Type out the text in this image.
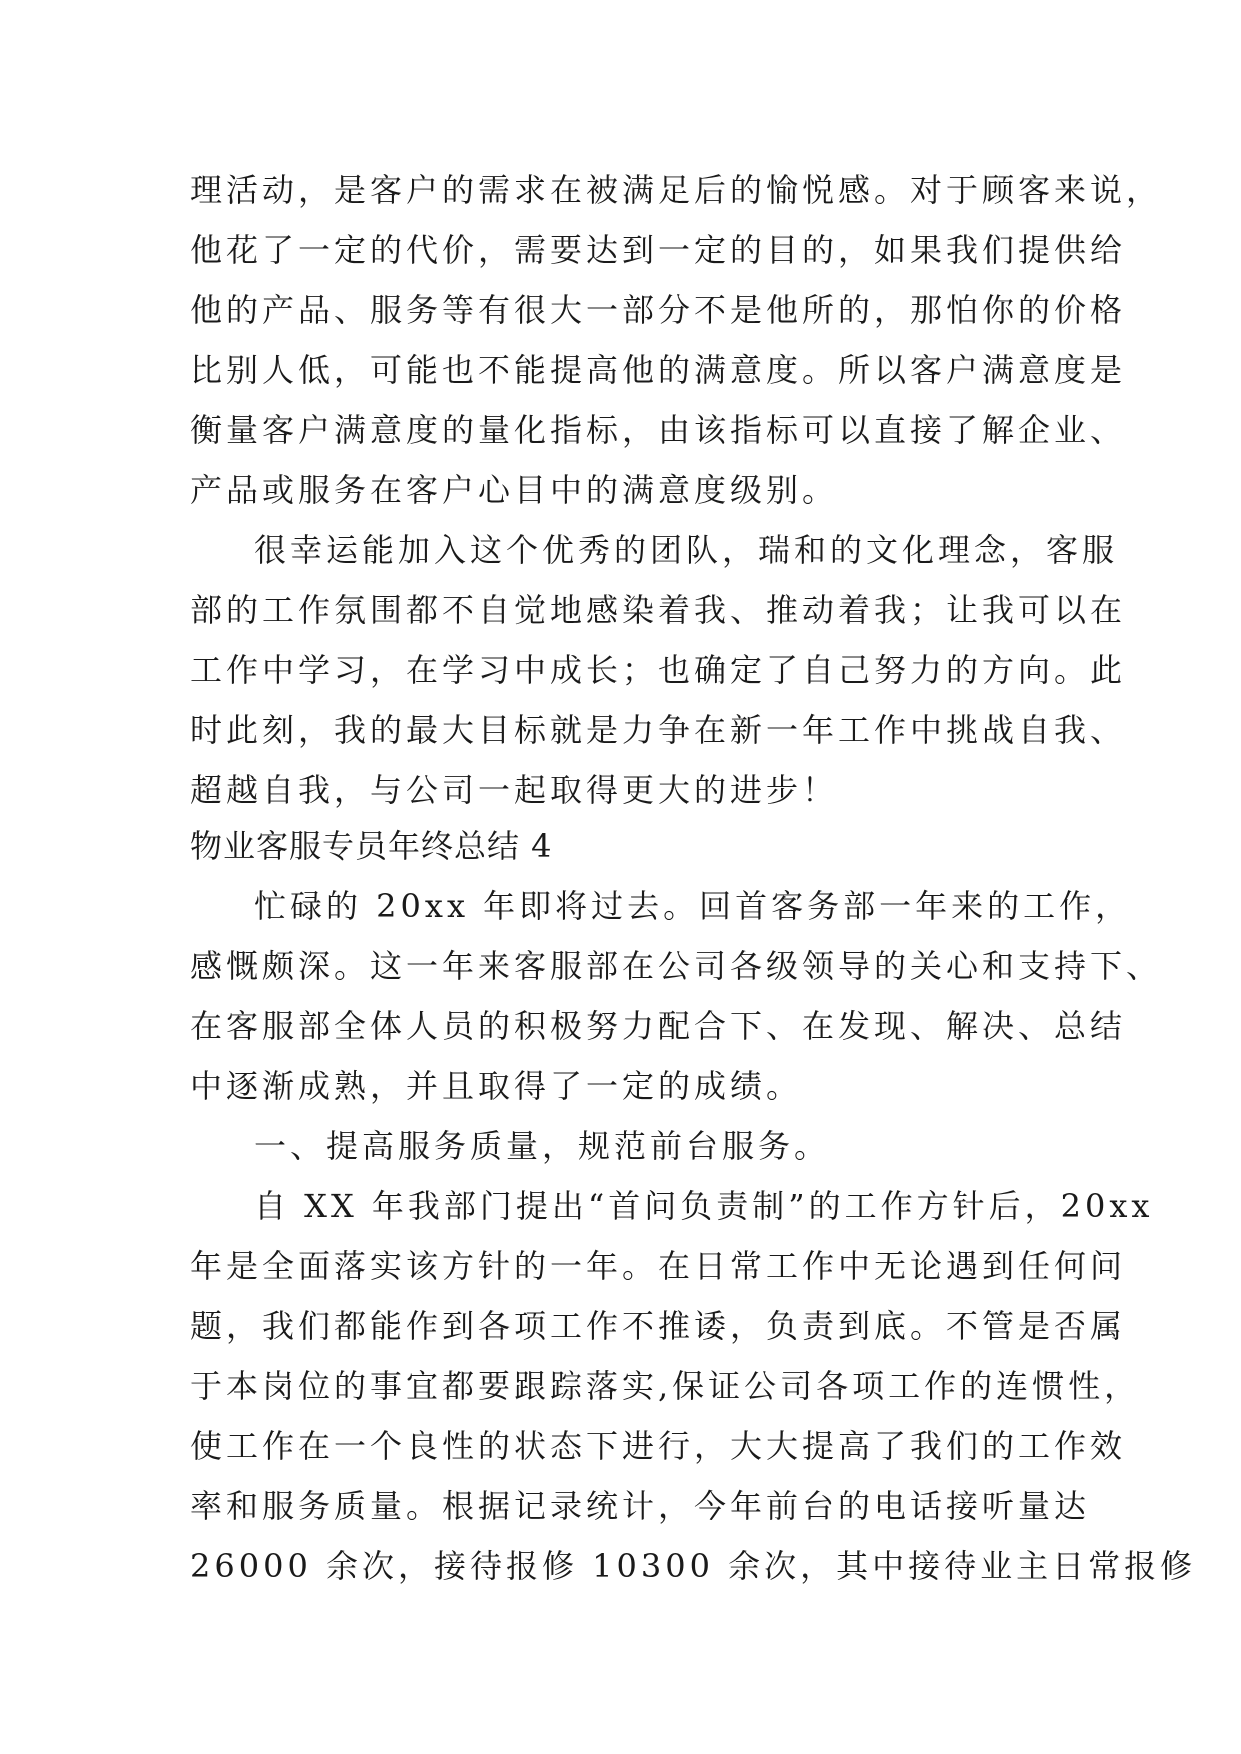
理活动，是客户的需求在被满足后的愉悦感。对于顾客来说，
他花了一定的代价，需要达到一定的目的，如果我们提供给
他的产品、服务等有很大一部分不是他所的，那怕你的价格
比别人低，可能也不能提高他的满意度。所以客户满意度是
衡量客户满意度的量化指标，由该指标可以直接了解企业、
产品或服务在客户心目中的满意度级别。
很幸运能加入这个优秀的团队，瑞和的文化理念，客服
部的工作氛围都不自觉地感染着我、推动着我；让我可以在
工作中学习，在学习中成长；也确定了自己努力的方向。此
时此刻，我的最大目标就是力争在新一年工作中挑战自我、
超越自我，与公司一起取得更大的进步！
物业客服专员年终总结 4
忙碌的 20xx 年即将过去。回首客务部一年来的工作，
感慨颇深。这一年来客服部在公司各级领导的关心和支持下、
在客服部全体人员的积极努力配合下、在发现、解决、总结
中逐渐成熟，并且取得了一定的成绩。
一、提高服务质量，规范前台服务。
自 XX 年我部门提出“首问负责制”的工作方针后，20xx
年是全面落实该方针的一年。在日常工作中无论遇到任何问
题，我们都能作到各项工作不推诿，负责到底。不管是否属
于本岗位的事宜都要跟踪落实,保证公司各项工作的连惯性，
使工作在一个良性的状态下进行，大大提高了我们的工作效
率和服务质量。根据记录统计，今年前台的电话接听量达
26000 余次，接待报修 10300 余次，其中接待业主日常报修
